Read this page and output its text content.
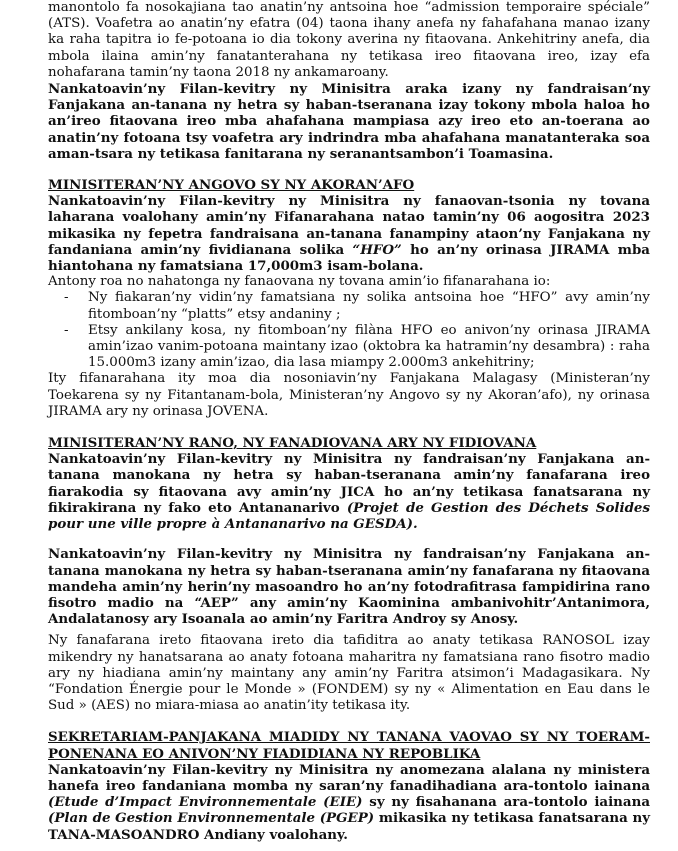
manontolo fa nosokajiana tao anatin’ny antsoina hoe “admission temporaire spéciale” (ATS). Voafetra ao anatin’ny efatra (04) taona ihany anefa ny fahafahana manao izany ka raha tapitra io fe-potoana io dia tokony averina ny fitaovana. Ankehitriny anefa, dia mbola ilaina amin’ny fanatanterahana ny tetikasa ireo fitaovana ireo, izay efa nohafarana tamin’ny taona 2018 ny ankamaroany.

Nankatoavin’ny Filan-kevitry ny Minisitra araka izany ny fandraisan’ny Fanjakana an-tanana ny hetra sy haban-tseranana izay tokony mbola haloa ho an’ireo fitaovana ireo mba ahafahana mampiasa azy ireo eto an-toerana ao anatin’ny fotoana tsy voafetra ary indrindra mba ahafahana manatanteraka soa aman-tsara ny tetikasa fanitarana ny seranantsambon’i Toamasina.

MINISITERAN’NY ANGOVO SY NY AKORAN’AFO

Nankatoavin’ny Filan-kevitry ny Minisitra ny fanaovan-tsonia ny tovana laharana voalohany amin’ny Fifanarahana natao tamin’ny 06 aogositra 2023 mikasika ny fepetra fandraisana an-tanana fanampiny ataon’ny Fanjakana ny fandaniana amin’ny fividianana solika “HFO” ho an’ny orinasa JIRAMA mba hiantohana ny famatsiana 17,000m3 isam-bolana.

Antony roa no nahatonga ny fanaovana ny tovana amin’io fifanarahana io:

- Ny fiakaran’ny vidin’ny famatsiana ny solika antsoina hoe “HFO” avy amin’ny fitomboan’ny “platts” etsy andaniny ;
- Etsy ankilany kosa, ny fitomboan’ny filàna HFO eo anivon’ny orinasa JIRAMA amin’izao vanim-potoana maintany izao (oktobra ka hatramin’ny desambra) : raha 15.000m3 izany amin’izao, dia lasa miampy 2.000m3 ankehitriny;

Ity fifanarahana ity moa dia nosoniavin’ny Fanjakana Malagasy (Ministeran’ny Toekarena sy ny Fitantanam-bola, Ministeran’ny Angovo sy ny Akoran’afo), ny orinasa JIRAMA ary ny orinasa JOVENA.

MINISITERAN’NY RANO, NY FANADIOVANA ARY NY FIDIOVANA

Nankatoavin’ny Filan-kevitry ny Minisitra ny fandraisan’ny Fanjakana an-tanana manokana ny hetra sy haban-tseranana amin’ny fanafarana ireo fiarakodia sy fitaovana avy amin’ny JICA ho an’ny tetikasa fanatsarana ny fikirakirana ny fako eto Antananarivo (Projet de Gestion des Déchets Solides pour une ville propre à Antananarivo na GESDA).

Nankatoavin’ny Filan-kevitry ny Minisitra ny fandraisan’ny Fanjakana an-tanana manokana ny hetra sy haban-tseranana amin’ny fanafarana ny fitaovana mandeha amin’ny herin’ny masoandro ho an’ny fotodrafitrasa fampidirina rano fisotro madio na “AEP” any amin’ny Kaominina ambanivohitr’Antanimora, Andalatanosy ary Isoanala ao amin’ny Faritra Androy sy Anosy.

Ny fanafarana ireto fitaovana ireto dia tafiditra ao anaty tetikasa RANOSOL izay mikendry ny hanatsarana ao anaty fotoana maharitra ny famatsiana rano fisotro madio ary ny hiadiana amin’ny maintany any amin’ny Faritra atsimon’i Madagasikara. Ny “Fondation Énergie pour le Monde » (FONDEM) sy ny « Alimentation en Eau dans le Sud » (AES) no miara-miasa ao anatin’ity tetikasa ity.

SEKRETARIAM-PANJAKANA MIADIDY NY TANANA VAOVAO SY NY TOERAM-PONENANA EO ANIVON’NY FIADIDIANA NY REPOBLIKA

Nankatoavin’ny Filan-kevitry ny Minisitra ny anomezana alalana ny ministera hanefa ireo fandaniana momba ny saran’ny fanadihadiana ara-tontolo iainana (Etude d’Impact Environnementale (EIE) sy ny fisahanana ara-tontolo iainana (Plan de Gestion Environnementale (PGEP) mikasika ny tetikasa fanatsarana ny TANA-MASOANDRO Andiany voalohany.
